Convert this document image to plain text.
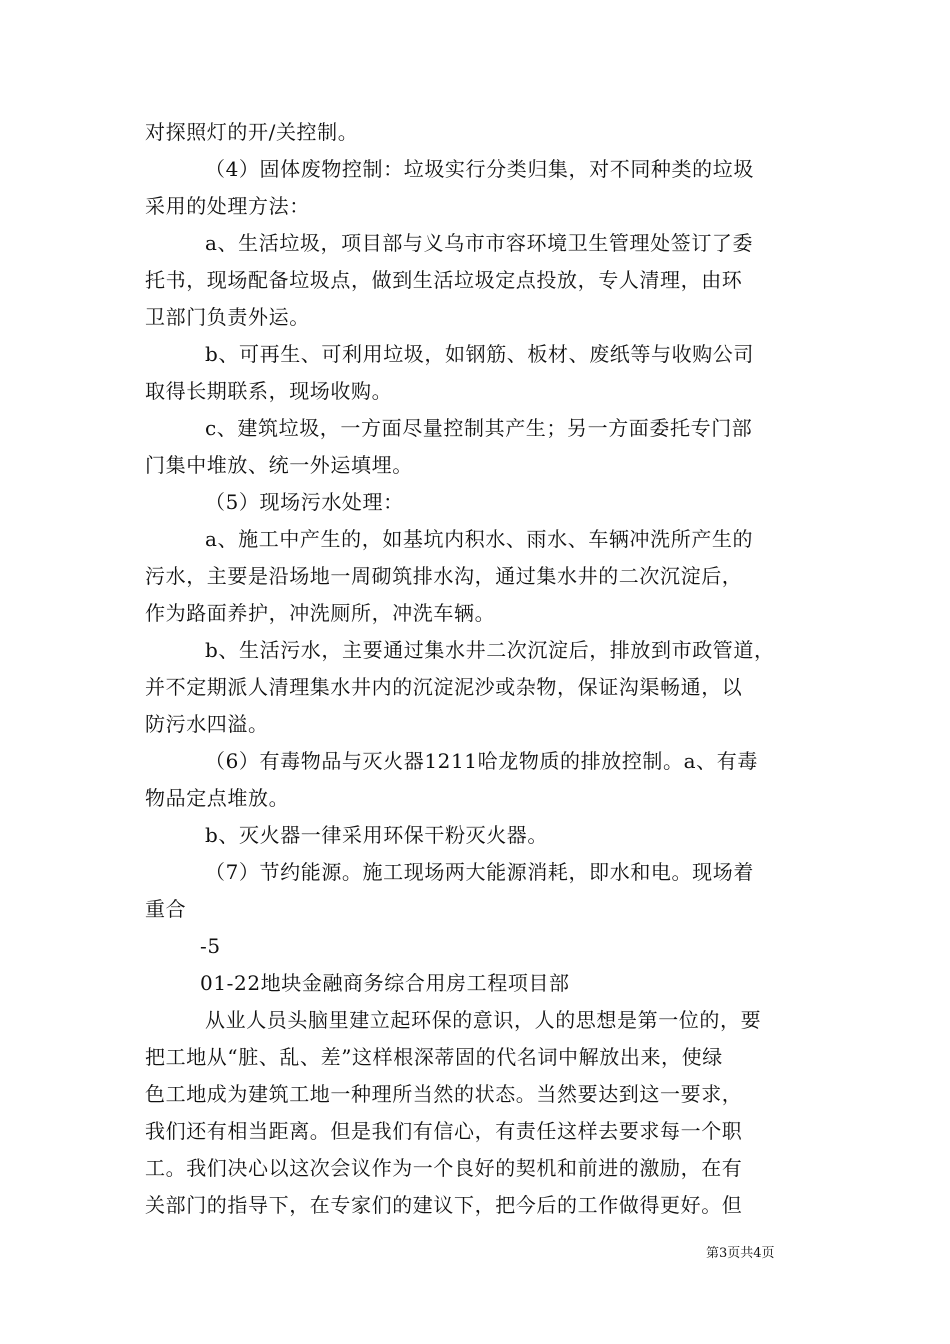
对探照灯的开/关控制。
（4）固体废物控制：垃圾实行分类归集，对不同种类的垃圾
采用的处理方法：
a、生活垃圾，项目部与义乌市市容环境卫生管理处签订了委
托书，现场配备垃圾点，做到生活垃圾定点投放，专人清理，由环
卫部门负责外运。
b、可再生、可利用垃圾，如钢筋、板材、废纸等与收购公司
取得长期联系，现场收购。
c、建筑垃圾，一方面尽量控制其产生；另一方面委托专门部
门集中堆放、统一外运填埋。
（5）现场污水处理：
a、施工中产生的，如基坑内积水、雨水、车辆冲洗所产生的
污水，主要是沿场地一周砌筑排水沟，通过集水井的二次沉淀后，
作为路面养护，冲洗厕所，冲洗车辆。
b、生活污水，主要通过集水井二次沉淀后，排放到市政管道，
并不定期派人清理集水井内的沉淀泥沙或杂物，保证沟渠畅通，以
防污水四溢。
（6）有毒物品与灭火器1211哈龙物质的排放控制。a、有毒
物品定点堆放。
b、灭火器一律采用环保干粉灭火器。
（7）节约能源。施工现场两大能源消耗，即水和电。现场着
重合
-5
01-22地块金融商务综合用房工程项目部
从业人员头脑里建立起环保的意识，人的思想是第一位的，要
把工地从“脏、乱、差”这样根深蒂固的代名词中解放出来，使绿
色工地成为建筑工地一种理所当然的状态。当然要达到这一要求，
我们还有相当距离。但是我们有信心，有责任这样去要求每一个职
工。我们决心以这次会议作为一个良好的契机和前进的激励，在有
关部门的指导下，在专家们的建议下，把今后的工作做得更好。但
第3页共4页
